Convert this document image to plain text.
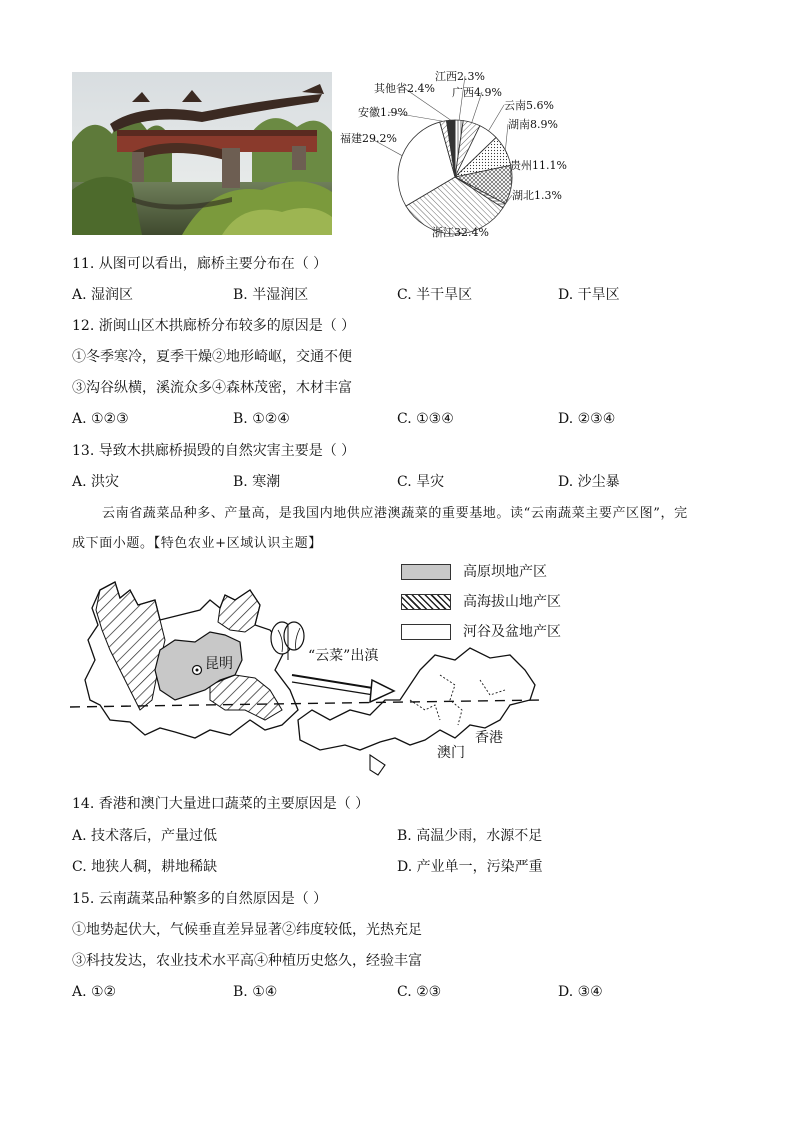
江西2.3%
广西4.9%
云南5.6%
湖南8.9%
贵州11.1%
湖北1.3%
浙江32.4%
福建29.2%
安徽1.9%
其他省2.4%
11. 从图可以看出，廊桥主要分布在（ ）
A. 湿润区	B. 半湿润区	C. 半干旱区	D. 干旱区
12. 浙闽山区木拱廊桥分布较多的原因是（ ）
①冬季寒冷，夏季干燥②地形崎岖，交通不便
③沟谷纵横，溪流众多④森林茂密，木材丰富
A. ①②③	B. ①②④	C. ①③④	D. ②③④
13. 导致木拱廊桥损毁的自然灾害主要是（ ）
A. 洪灾	B. 寒潮	C. 旱灾	D. 沙尘暴
云南省蔬菜品种多、产量高，是我国内地供应港澳蔬菜的重要基地。读“云南蔬菜主要产区图”，完
成下面小题。【特色农业+区域认识主题】
高原坝地产区
高海拔山地产区
河谷及盆地产区
昆明	“云菜”出滇
香港
澳门
14. 香港和澳门大量进口蔬菜的主要原因是（ ）
A. 技术落后，产量过低	B. 高温少雨，水源不足
C. 地狭人稠，耕地稀缺	D. 产业单一，污染严重
15. 云南蔬菜品种繁多的自然原因是（ ）
①地势起伏大，气候垂直差异显著②纬度较低，光热充足
③科技发达，农业技术水平高④种植历史悠久，经验丰富
A. ①②	B. ①④	C. ②③	D. ③④
